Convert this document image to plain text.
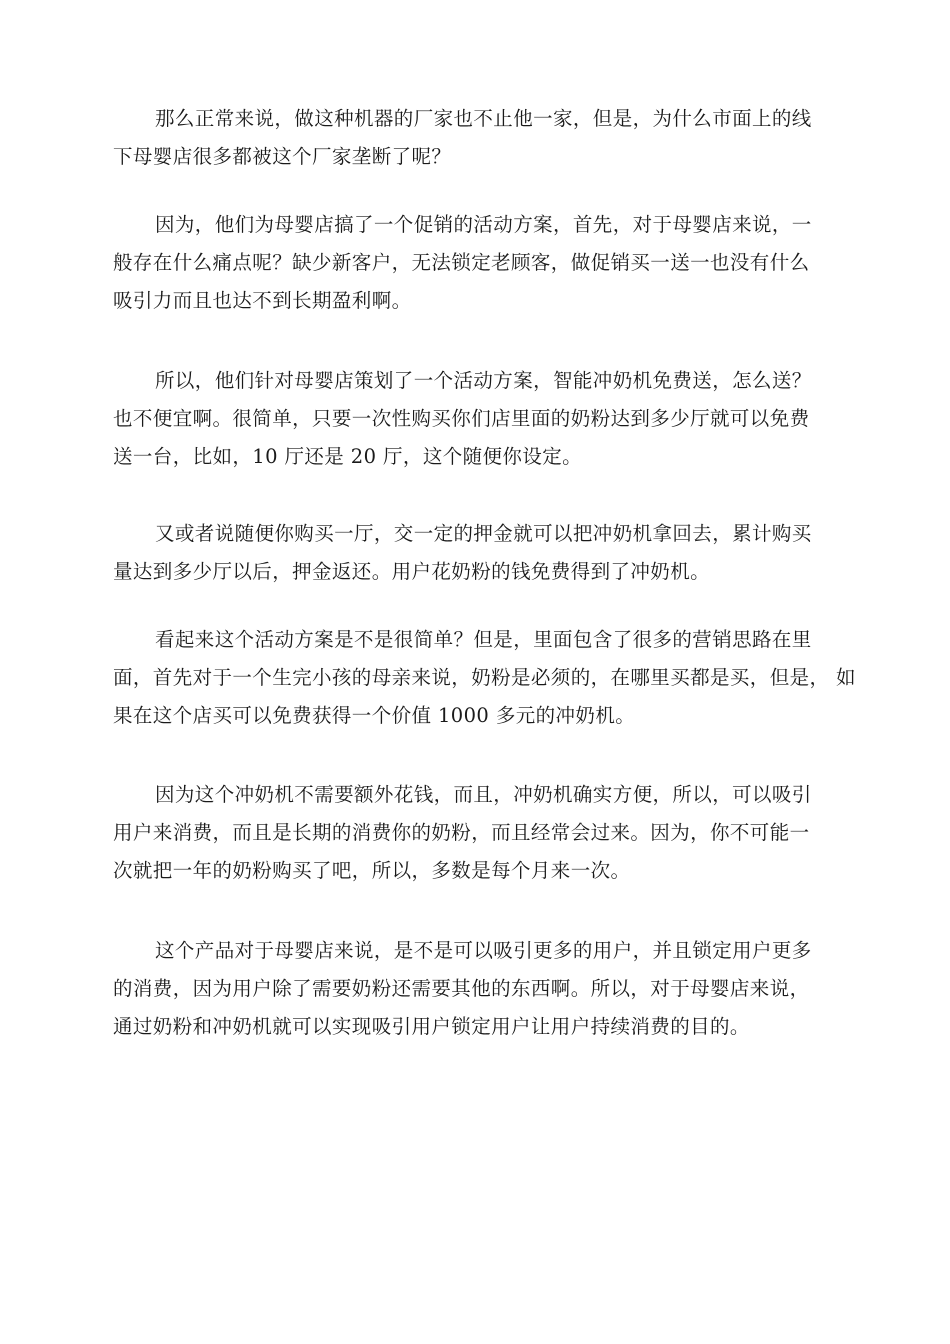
那么正常来说，做这种机器的厂家也不止他一家，但是，为什么市面上的线
下母婴店很多都被这个厂家垄断了呢？

因为，他们为母婴店搞了一个促销的活动方案，首先，对于母婴店来说，一
般存在什么痛点呢？缺少新客户，无法锁定老顾客，做促销买一送一也没有什么
吸引力而且也达不到长期盈利啊。

所以，他们针对母婴店策划了一个活动方案，智能冲奶机免费送，怎么送？
也不便宜啊。很简单，只要一次性购买你们店里面的奶粉达到多少厅就可以免费
送一台，比如，10 厅还是 20 厅，这个随便你设定。

又或者说随便你购买一厅，交一定的押金就可以把冲奶机拿回去，累计购买
量达到多少厅以后，押金返还。用户花奶粉的钱免费得到了冲奶机。

看起来这个活动方案是不是很简单？但是，里面包含了很多的营销思路在里
面，首先对于一个生完小孩的母亲来说，奶粉是必须的，在哪里买都是买，但是， 如
果在这个店买可以免费获得一个价值 1000 多元的冲奶机。

因为这个冲奶机不需要额外花钱，而且，冲奶机确实方便，所以，可以吸引
用户来消费，而且是长期的消费你的奶粉，而且经常会过来。因为，你不可能一
次就把一年的奶粉购买了吧，所以，多数是每个月来一次。

这个产品对于母婴店来说，是不是可以吸引更多的用户，并且锁定用户更多
的消费，因为用户除了需要奶粉还需要其他的东西啊。所以，对于母婴店来说，
通过奶粉和冲奶机就可以实现吸引用户锁定用户让用户持续消费的目的。
